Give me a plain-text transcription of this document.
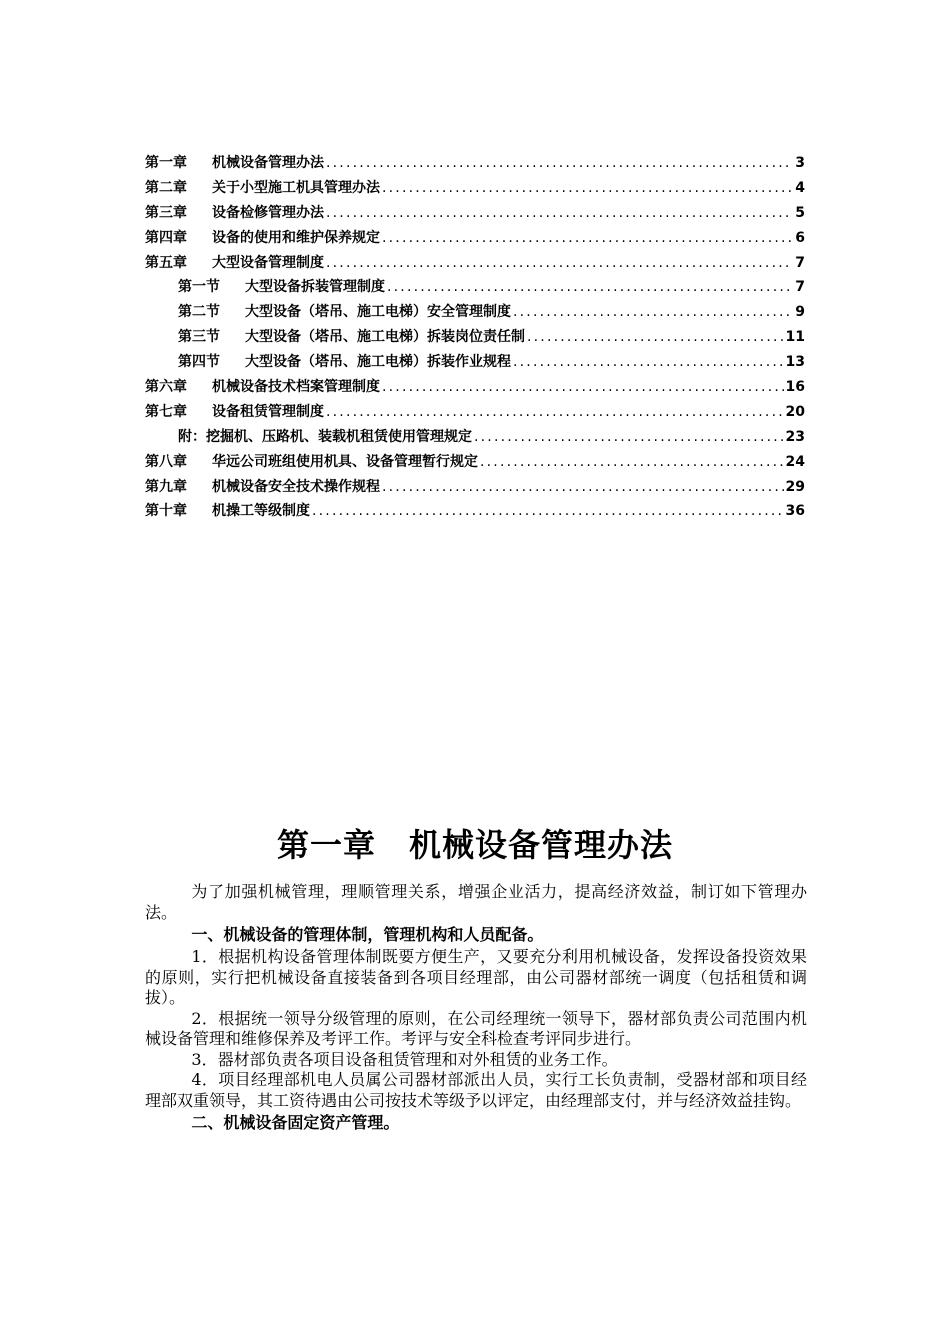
第一章	机械设备管理办法 .....	3
第二章	关于小型施工机具管理办法 .....	4
第三章	设备检修管理办法 .....	5
第四章	设备的使用和维护保养规定 .....	6
第五章	大型设备管理制度 .....	7
第一节	大型设备拆装管理制度 .....	7
第二节	大型设备（塔吊、施工电梯）安全管理制度 .....	9
第三节	大型设备（塔吊、施工电梯）拆装岗位责任制 .....	11
第四节	大型设备（塔吊、施工电梯）拆装作业规程 .....	13
第六章	机械设备技术档案管理制度 .....	16
第七章	设备租赁管理制度 .....	20
附：挖掘机、压路机、装载机租赁使用管理规定 .....	23
第八章	华远公司班组使用机具、设备管理暂行规定 .....	24
第九章	机械设备安全技术操作规程 .....	29
第十章	机操工等级制度 .....	36
第一章　机械设备管理办法

为了加强机械管理，理顺管理关系，增强企业活力，提高经济效益，制订如下管理办法。

一、机械设备的管理体制，管理机构和人员配备。

1．根据机构设备管理体制既要方便生产，又要充分利用机械设备，发挥设备投资效果的原则，实行把机械设备直接装备到各项目经理部，由公司器材部统一调度（包括租赁和调拔）。

2．根据统一领导分级管理的原则，在公司经理统一领导下，器材部负责公司范围内机械设备管理和维修保养及考评工作。考评与安全科检查考评同步进行。

3．器材部负责各项目设备租赁管理和对外租赁的业务工作。

4．项目经理部机电人员属公司器材部派出人员，实行工长负责制，受器材部和项目经理部双重领导，其工资待遇由公司按技术等级予以评定，由经理部支付，并与经济效益挂钩。

二、机械设备固定资产管理。
